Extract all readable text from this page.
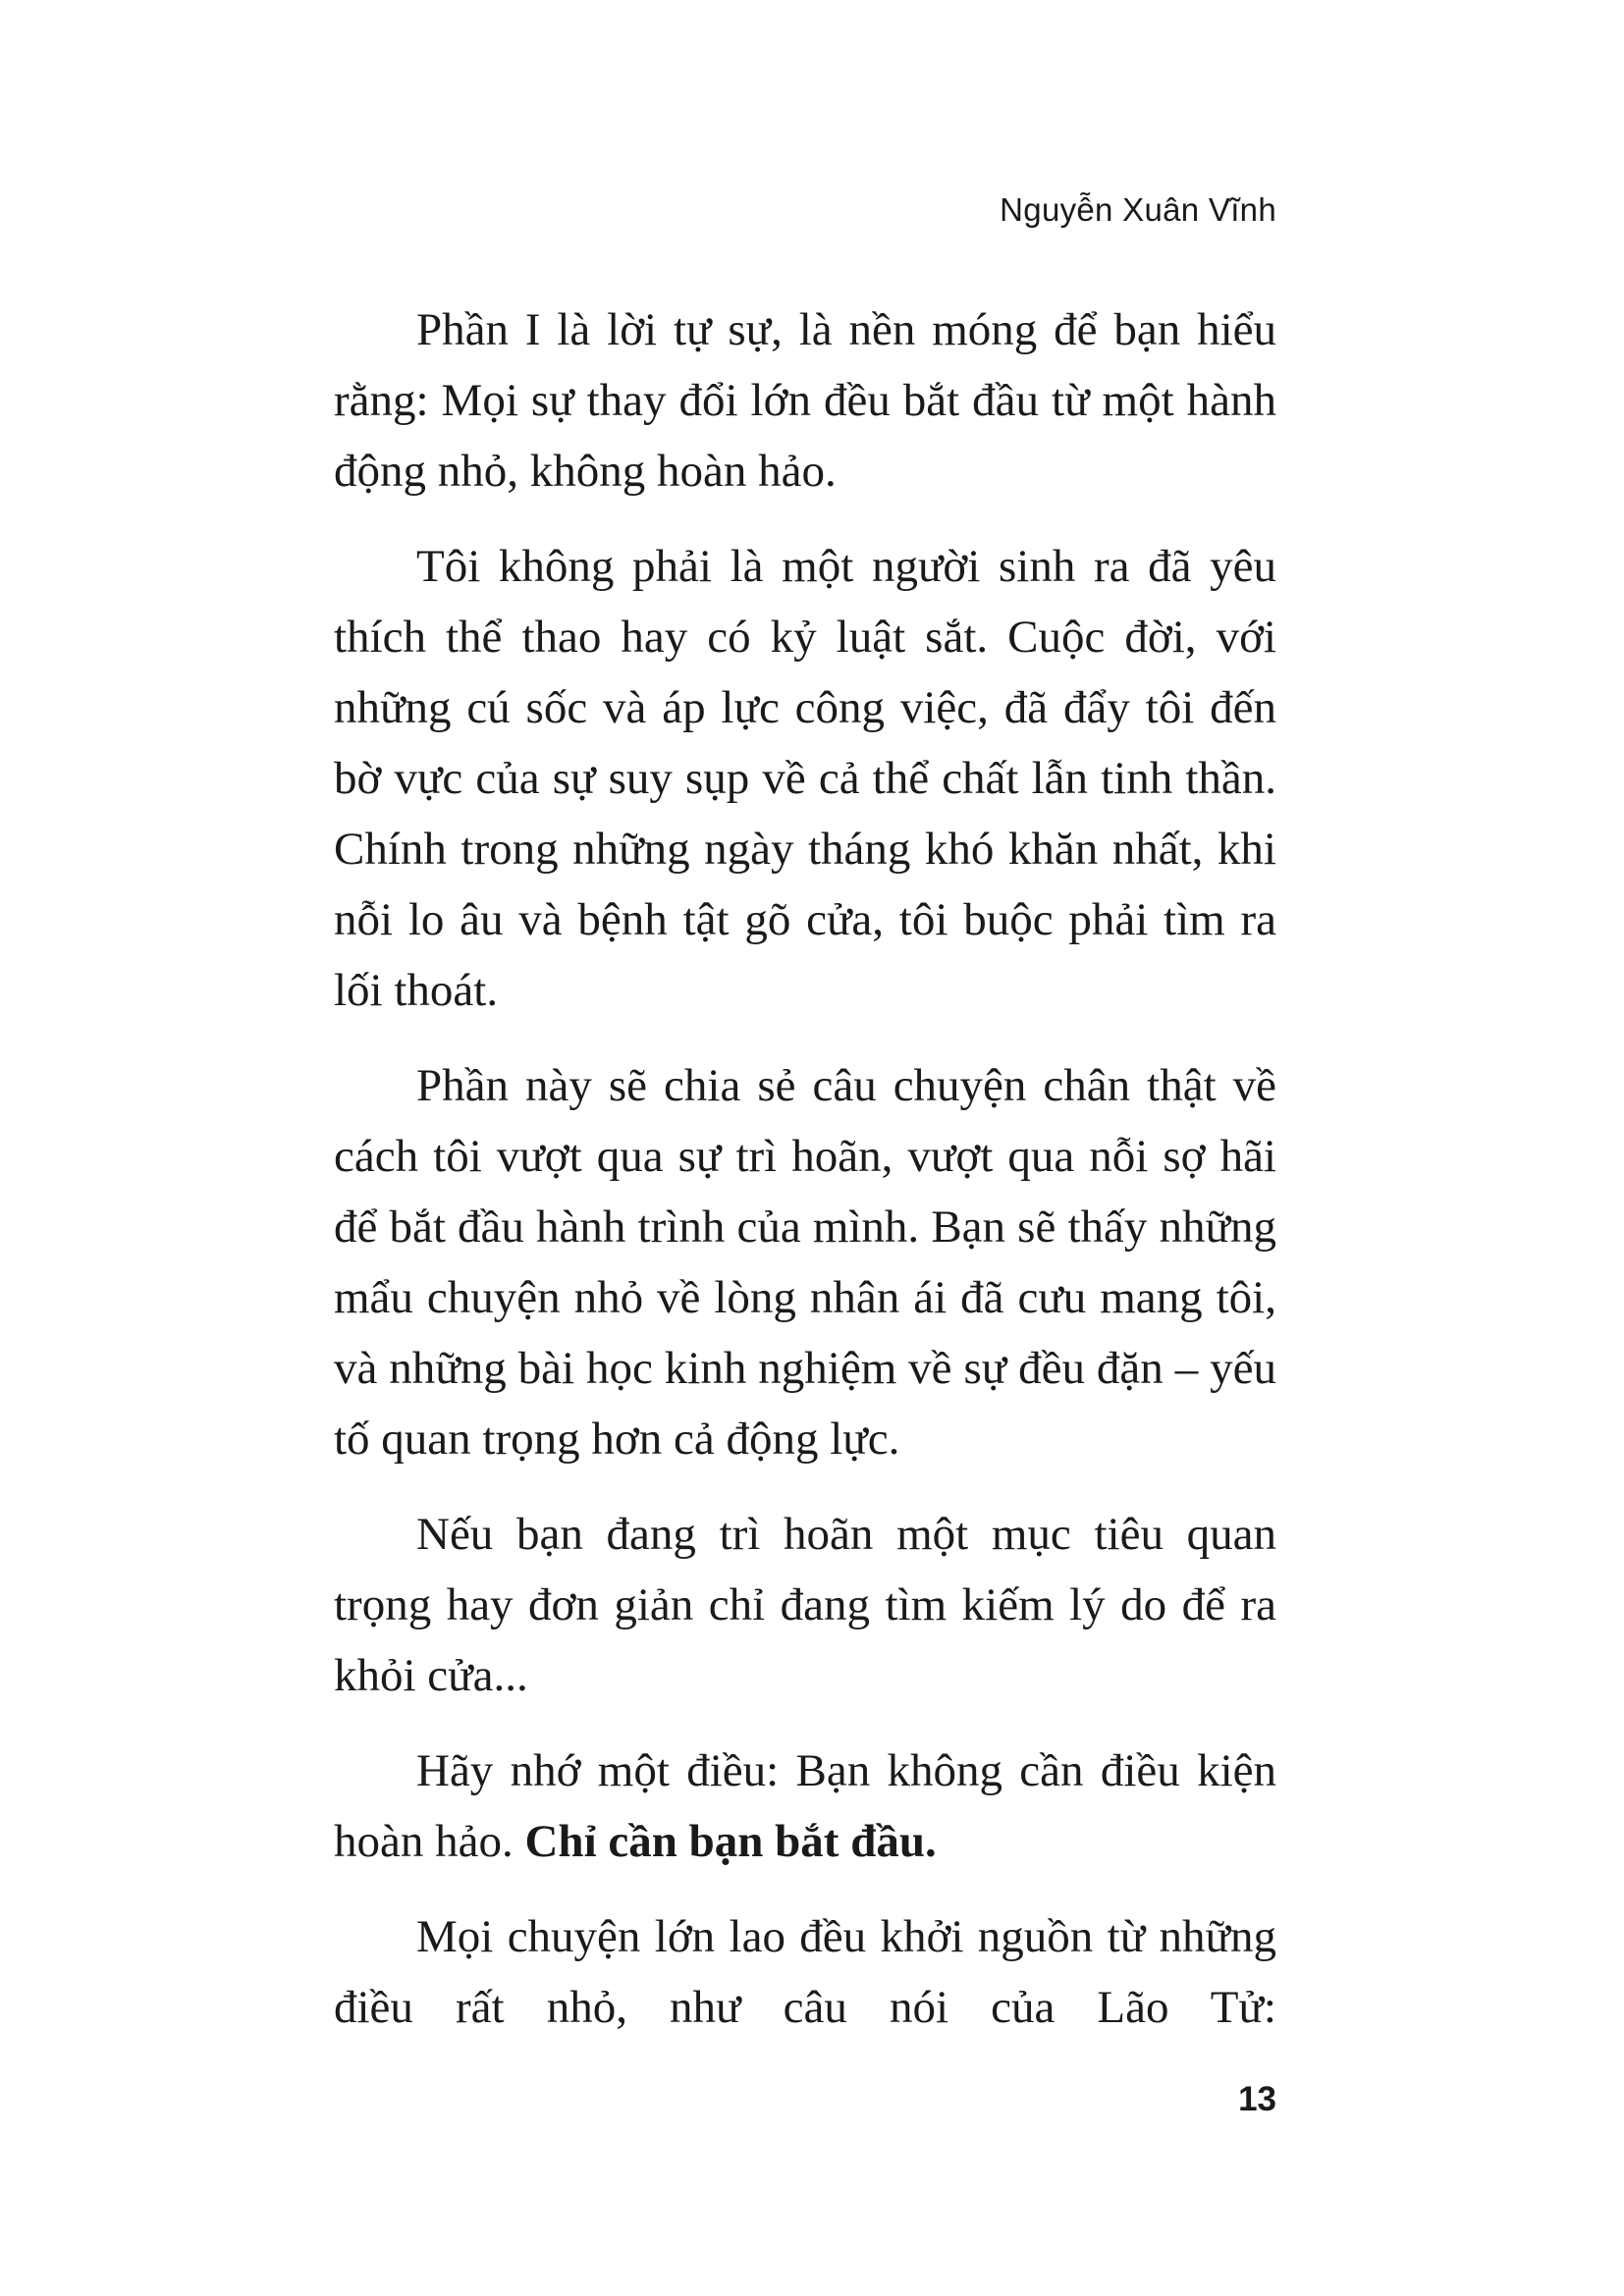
Nguyễn Xuân Vĩnh

Phần I là lời tự sự, là nền móng để bạn hiểu rằng: Mọi sự thay đổi lớn đều bắt đầu từ một hành động nhỏ, không hoàn hảo.

Tôi không phải là một người sinh ra đã yêu thích thể thao hay có kỷ luật sắt. Cuộc đời, với những cú sốc và áp lực công việc, đã đẩy tôi đến bờ vực của sự suy sụp về cả thể chất lẫn tinh thần. Chính trong những ngày tháng khó khăn nhất, khi nỗi lo âu và bệnh tật gõ cửa, tôi buộc phải tìm ra lối thoát.

Phần này sẽ chia sẻ câu chuyện chân thật về cách tôi vượt qua sự trì hoãn, vượt qua nỗi sợ hãi để bắt đầu hành trình của mình. Bạn sẽ thấy những mẩu chuyện nhỏ về lòng nhân ái đã cưu mang tôi, và những bài học kinh nghiệm về sự đều đặn – yếu tố quan trọng hơn cả động lực.

Nếu bạn đang trì hoãn một mục tiêu quan trọng hay đơn giản chỉ đang tìm kiếm lý do để ra khỏi cửa...

Hãy nhớ một điều: Bạn không cần điều kiện hoàn hảo. Chỉ cần bạn bắt đầu.

Mọi chuyện lớn lao đều khởi nguồn từ những điều rất nhỏ, như câu nói của Lão Tử:

13
